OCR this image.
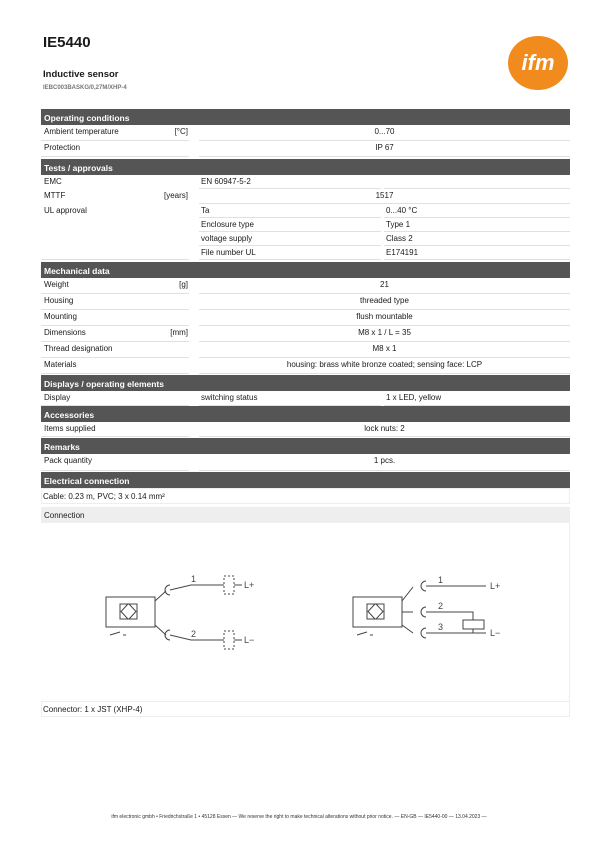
IE5440
Inductive sensor
IEBC003BASKG/0,27M/XHP-4
ifm
Operating conditions
Ambient temperature	[°C]	0...70
Protection	IP 67
Tests / approvals
EMC	EN 60947-5-2
MTTF	[years]	1517
UL approval	Ta	0...40 °C
Enclosure type	Type 1
voltage supply	Class 2
File number UL	E174191
Mechanical data
Weight	[g]	21
Housing	threaded type
Mounting	flush mountable
Dimensions	[mm]	M8 x 1 / L = 35
Thread designation	M8 x 1
Materials	housing: brass white bronze coated; sensing face: LCP
Displays / operating elements
Display	switching status	1 x LED, yellow
Accessories
Items supplied	lock nuts: 2
Remarks
Pack quantity	1 pcs.
Electrical connection
Cable: 0.23 m, PVC; 3 x 0.14 mm²
Connection
1
2
L+
L−
1
2
3
L+
L−
Connector: 1 x JST (XHP-4)
ifm electronic gmbh • Friedrichstraße 1 • 45128 Essen — We reserve the right to make technical alterations without prior notice. — EN-GB — IE5440-00 — 13.04.2023 —
